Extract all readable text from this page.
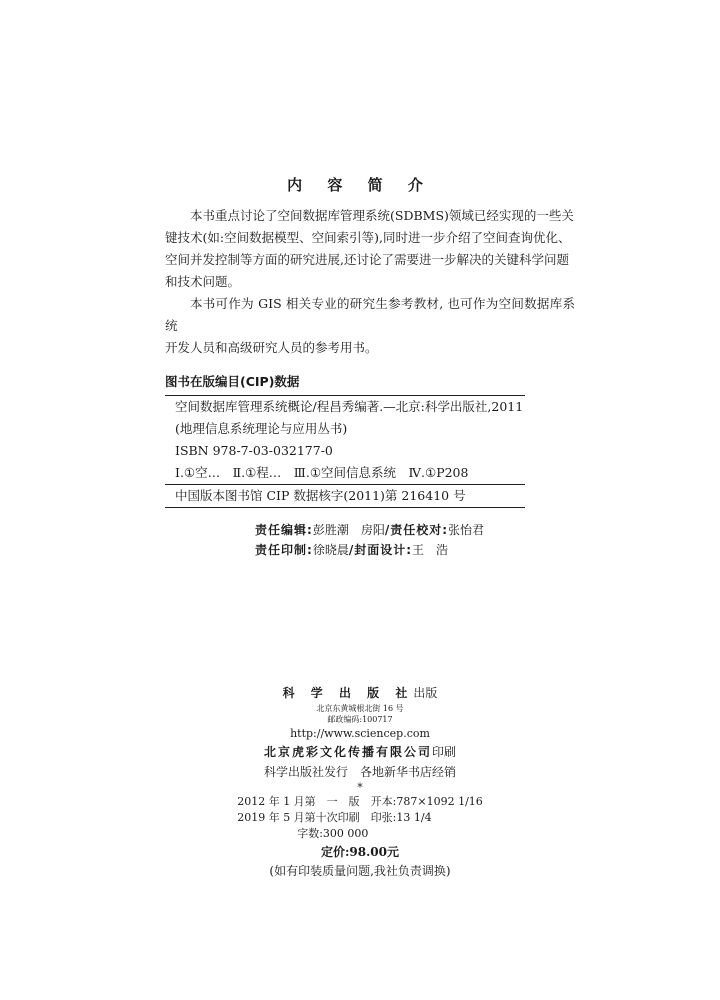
内 容 简 介

本书重点讨论了空间数据库管理系统(SDBMS)领域已经实现的一些关

键技术(如:空间数据模型、空间索引等),同时进一步介绍了空间查询优化、
空间并发控制等方面的研究进展,还讨论了需要进一步解决的关键科学问题
和技术问题。

本书可作为 GIS 相关专业的研究生参考教材, 也可作为空间数据库系统

开发人员和高级研究人员的参考用书。

图书在版编目(CIP)数据
空间数据库管理系统概论/程昌秀编著.—北京:科学出版社,2011
(地理信息系统理论与应用丛书)
ISBN 978-7-03-032177-0
Ⅰ.①空…　Ⅱ.①程…　Ⅲ.①空间信息系统　Ⅳ.①P208
中国版本图书馆 CIP 数据核字(2011)第 216410 号
责任编辑:彭胜潮　房阳/责任校对:张怡君
责任印制:徐晓晨/封面设计:王　浩
科 学 出 版 社出版
北京东黄城根北街 16 号
邮政编码:100717
http://www.sciencep.com
北京虎彩文化传播有限公司印刷
科学出版社发行　各地新华书店经销
*
2012 年 1 月第　一　版　开本:787×1092 1/16
2019 年 5 月第十次印刷　印张:13 1/4
字数:300 000
定价:98.00元
(如有印装质量问题,我社负责调换)
